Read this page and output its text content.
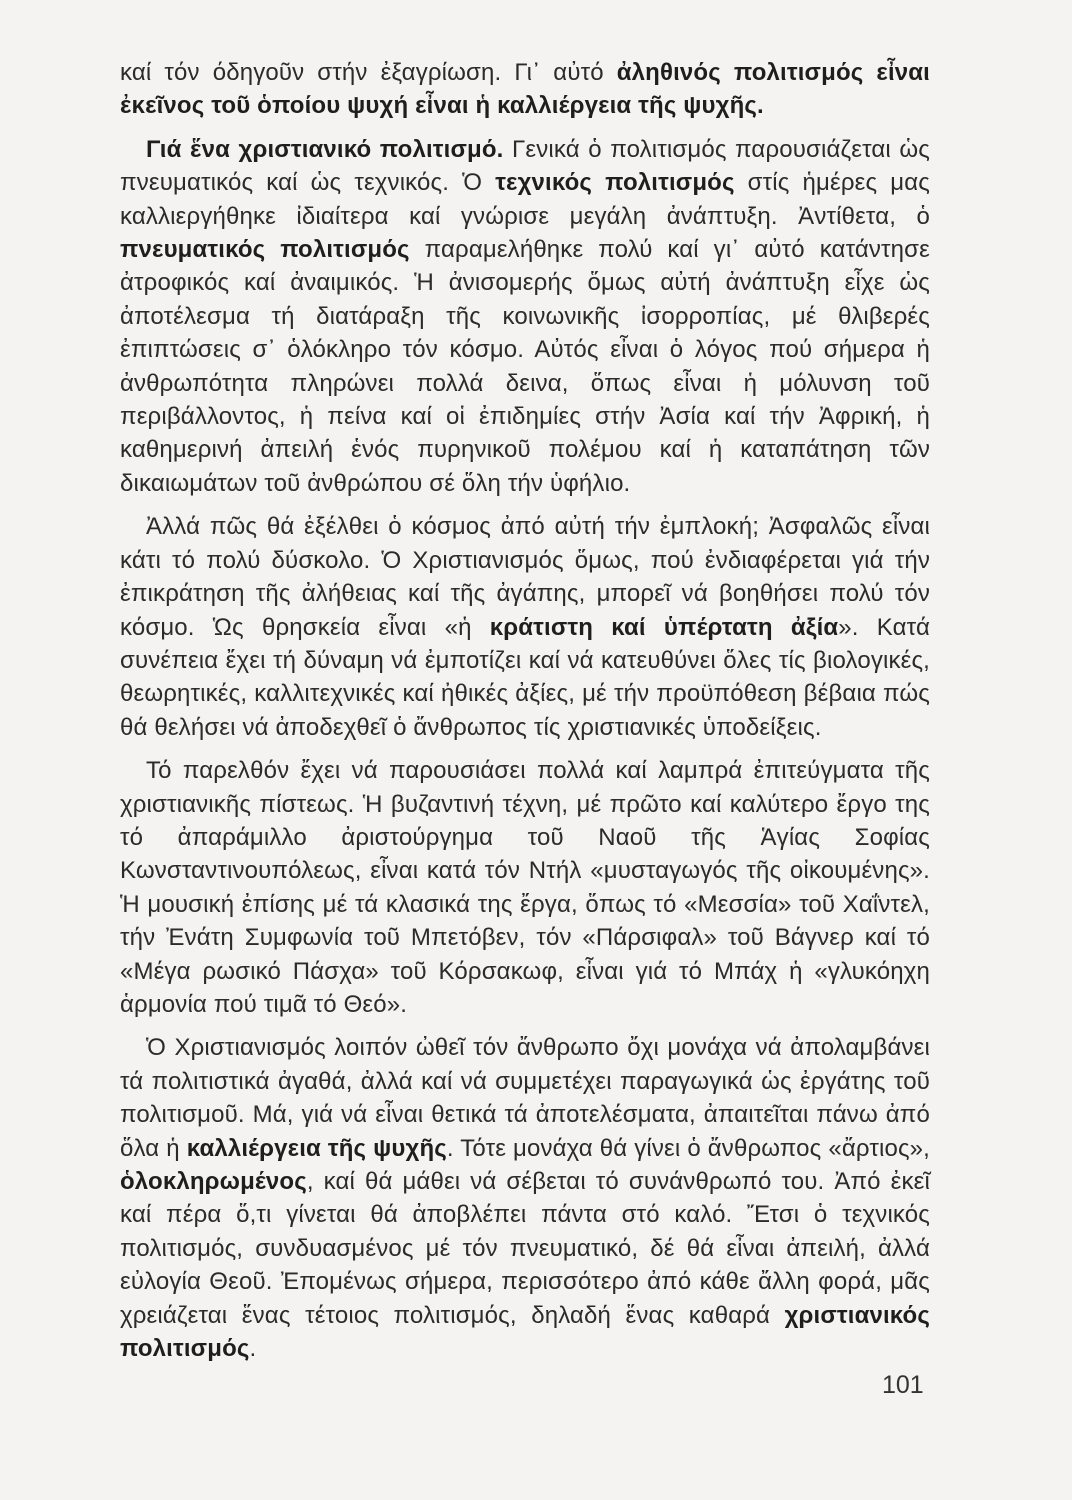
καί τόν όδηγοῦν στήν ἐξαγρίωση. Γι᾽ αὐτό ἀληθινός πολιτισμός εἶναι ἐκεῖνος τοῦ ὁποίου ψυχή εἶναι ἡ καλλιέργεια τῆς ψυχῆς.

Γιά ἕνα χριστιανικό πολιτισμό. Γενικά ὁ πολιτισμός παρουσιάζεται ὡς πνευματικός καί ὡς τεχνικός. Ὁ τεχνικός πολιτισμός στίς ἡμέρες μας καλλιεργήθηκε ἰδιαίτερα καί γνώρισε μεγάλη ἀνάπτυξη. Ἀντίθετα, ὁ πνευματικός πολιτισμός παραμελήθηκε πολύ καί γι᾽ αὐτό κατάντησε ἀτροφικός καί ἀναιμικός. Ἡ ἀνισομερής ὅμως αὐτή ἀνάπτυξη εἶχε ὡς ἀποτέλεσμα τή διατάραξη τῆς κοινωνικῆς ἰσορροπίας, μέ θλιβερές ἐπιπτώσεις σ᾽ ὁλόκληρο τόν κόσμο. Αὐτός εἶναι ὁ λόγος πού σήμερα ἡ ἀνθρωπότητα πληρώνει πολλά δεινα, ὅπως εἶναι ἡ μόλυνση τοῦ περιβάλλοντος, ἡ πείνα καί οἱ ἐπιδημίες στήν Ἀσία καί τήν Ἀφρική, ἡ καθημερινή ἀπειλή ἑνός πυρηνικοῦ πολέμου καί ἡ καταπάτηση τῶν δικαιωμάτων τοῦ ἀνθρώπου σέ ὅλη τήν ὑφήλιο.

Ἀλλά πῶς θά ἐξέλθει ὁ κόσμος ἀπό αὐτή τήν ἐμπλοκή; Ἀσφαλῶς εἶναι κάτι τό πολύ δύσκολο. Ὁ Χριστιανισμός ὅμως, πού ἐνδιαφέρεται γιά τήν ἐπικράτηση τῆς ἀλήθειας καί τῆς ἀγάπης, μπορεῖ νά βοηθήσει πολύ τόν κόσμο. Ὡς θρησκεία εἶναι «ἡ κράτιστη καί ὑπέρτατη ἀξία». Κατά συνέπεια ἔχει τή δύναμη νά ἐμποτίζει καί νά κατευθύνει ὅλες τίς βιολογικές, θεωρητικές, καλλιτεχνικές καί ἠθικές ἀξίες, μέ τήν προϋπόθεση βέβαια πώς θά θελήσει νά ἀποδεχθεῖ ὁ ἄνθρωπος τίς χριστιανικές ὑποδείξεις.

Τό παρελθόν ἔχει νά παρουσιάσει πολλά καί λαμπρά ἐπιτεύγματα τῆς χριστιανικῆς πίστεως. Ἡ βυζαντινή τέχνη, μέ πρῶτο καί καλύτερο ἔργο της τό ἀπαράμιλλο ἀριστούργημα τοῦ Ναοῦ τῆς Ἁγίας Σοφίας Κωνσταντινουπόλεως, εἶναι κατά τόν Ντήλ «μυσταγωγός τῆς οἰκουμένης». Ἡ μουσική ἐπίσης μέ τά κλασικά της ἔργα, ὅπως τό «Μεσσία» τοῦ Χαΐντελ, τήν Ἐνάτη Συμφωνία τοῦ Μπετόβεν, τόν «Πάρσιφαλ» τοῦ Βάγνερ καί τό «Μέγα ρωσικό Πάσχα» τοῦ Κόρσακωφ, εἶναι γιά τό Μπάχ ἡ «γλυκόηχη ἁρμονία πού τιμᾶ τό Θεό».

Ὁ Χριστιανισμός λοιπόν ὠθεῖ τόν ἄνθρωπο ὄχι μονάχα νά ἀπολαμβάνει τά πολιτιστικά ἀγαθά, ἀλλά καί νά συμμετέχει παραγωγικά ὡς ἐργάτης τοῦ πολιτισμοῦ. Μά, γιά νά εἶναι θετικά τά ἀποτελέσματα, ἀπαιτεῖται πάνω ἀπό ὅλα ἡ καλλιέργεια τῆς ψυχῆς. Τότε μονάχα θά γίνει ὁ ἄνθρωπος «ἄρτιος», ὁλοκληρωμένος, καί θά μάθει νά σέβεται τό συνάνθρωπό του. Ἀπό ἐκεῖ καί πέρα ὅ,τι γίνεται θά ἀποβλέπει πάντα στό καλό. Ἔτσι ὁ τεχνικός πολιτισμός, συνδυασμένος μέ τόν πνευματικό, δέ θά εἶναι ἀπειλή, ἀλλά εὐλογία Θεοῦ. Ἐπομένως σήμερα, περισσότερο ἀπό κάθε ἄλλη φορά, μᾶς χρειάζεται ἕνας τέτοιος πολιτισμός, δηλαδή ἕνας καθαρά χριστιανικός πολιτισμός.

101
